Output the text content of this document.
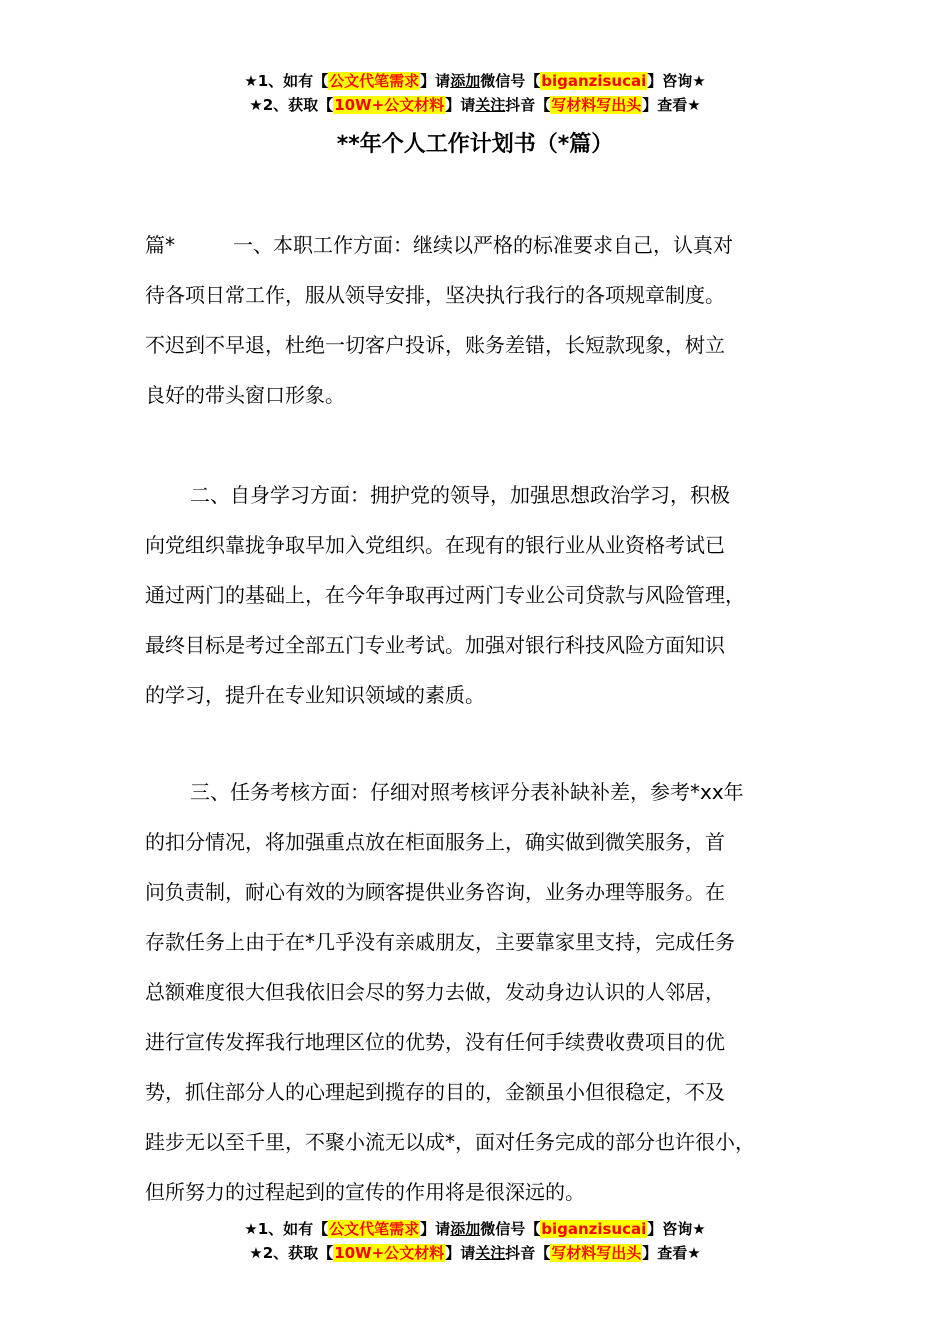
★1、如有【公文代笔需求】请添加微信号【biganzisucai】咨询★
★2、获取【10W+公文材料】请关注抖音【写材料写出头】查看★
**年个人工作计划书（*篇）
篇*	一、本职工作方面：继续以严格的标准要求自己，认真对
待各项日常工作，服从领导安排，坚决执行我行的各项规章制度。
不迟到不早退，杜绝一切客户投诉，账务差错，长短款现象，树立
良好的带头窗口形象。
二、自身学习方面：拥护党的领导，加强思想政治学习，积极
向党组织靠拢争取早加入党组织。在现有的银行业从业资格考试已
通过两门的基础上，在今年争取再过两门专业公司贷款与风险管理，
最终目标是考过全部五门专业考试。加强对银行科技风险方面知识
的学习，提升在专业知识领域的素质。
三、任务考核方面：仔细对照考核评分表补缺补差，参考*xx年
的扣分情况，将加强重点放在柜面服务上，确实做到微笑服务，首
问负责制，耐心有效的为顾客提供业务咨询，业务办理等服务。在
存款任务上由于在*几乎没有亲戚朋友，主要靠家里支持，完成任务
总额难度很大但我依旧会尽的努力去做，发动身边认识的人邻居，
进行宣传发挥我行地理区位的优势，没有任何手续费收费项目的优
势，抓住部分人的心理起到揽存的目的，金额虽小但很稳定，不及
跬步无以至千里，不聚小流无以成*，面对任务完成的部分也许很小，
但所努力的过程起到的宣传的作用将是很深远的。
★1、如有【公文代笔需求】请添加微信号【biganzisucai】咨询★
★2、获取【10W+公文材料】请关注抖音【写材料写出头】查看★
